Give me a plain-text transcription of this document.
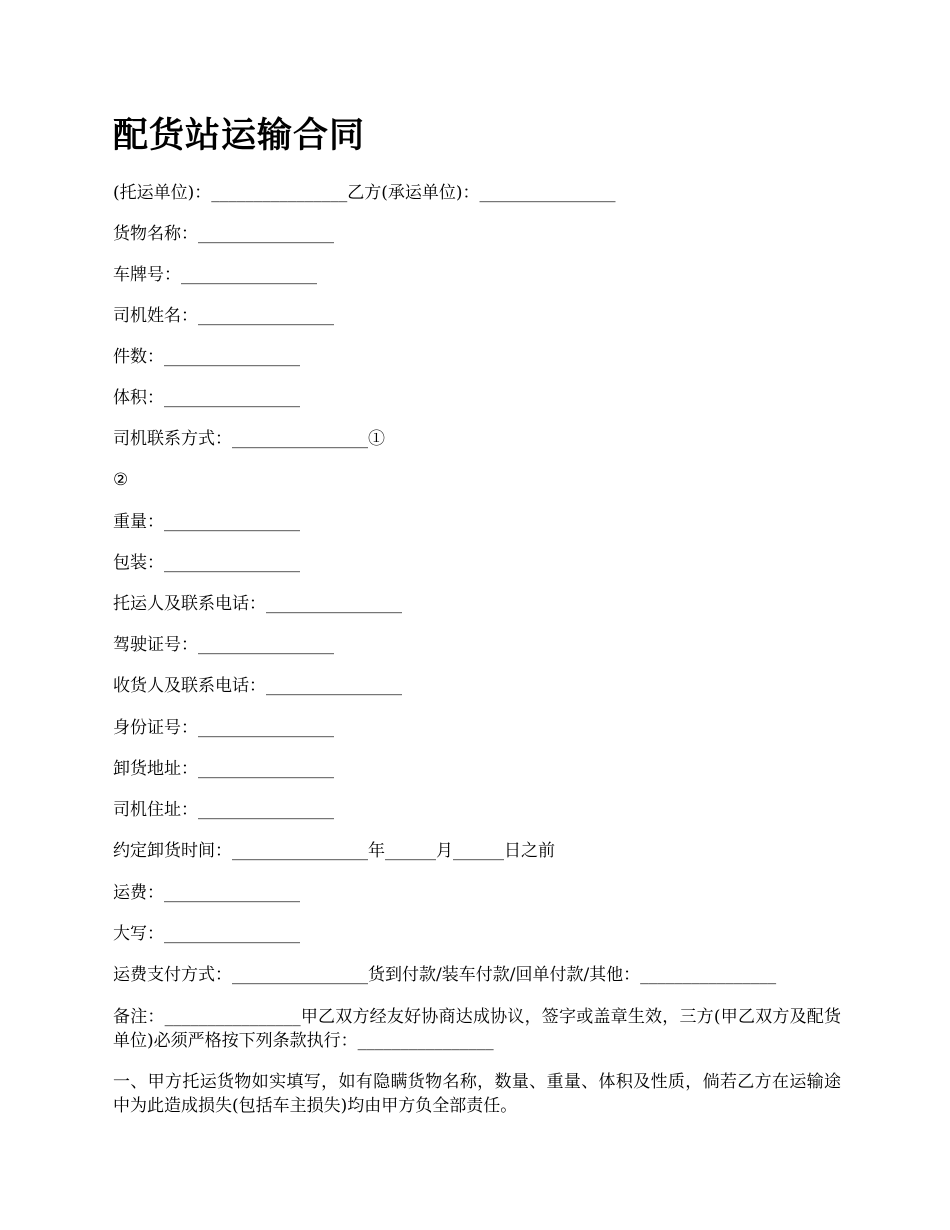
配货站运输合同
(托运单位)：________________乙方(承运单位)：________________
货物名称：________________
车牌号：________________
司机姓名：________________
件数：________________
体积：________________
司机联系方式：________________①
②
重量：________________
包装：________________
托运人及联系电话：________________
驾驶证号：________________
收货人及联系电话：________________
身份证号：________________
卸货地址：________________
司机住址：________________
约定卸货时间：________________年______月______日之前
运费：________________
大写：________________
运费支付方式：________________货到付款/装车付款/回单付款/其他：________________
备注：________________甲乙双方经友好协商达成协议，签字或盖章生效，三方(甲乙双方及配货单位)必须严格按下列条款执行：________________
一、甲方托运货物如实填写，如有隐瞒货物名称，数量、重量、体积及性质，倘若乙方在运输途中为此造成损失(包括车主损失)均由甲方负全部责任。
